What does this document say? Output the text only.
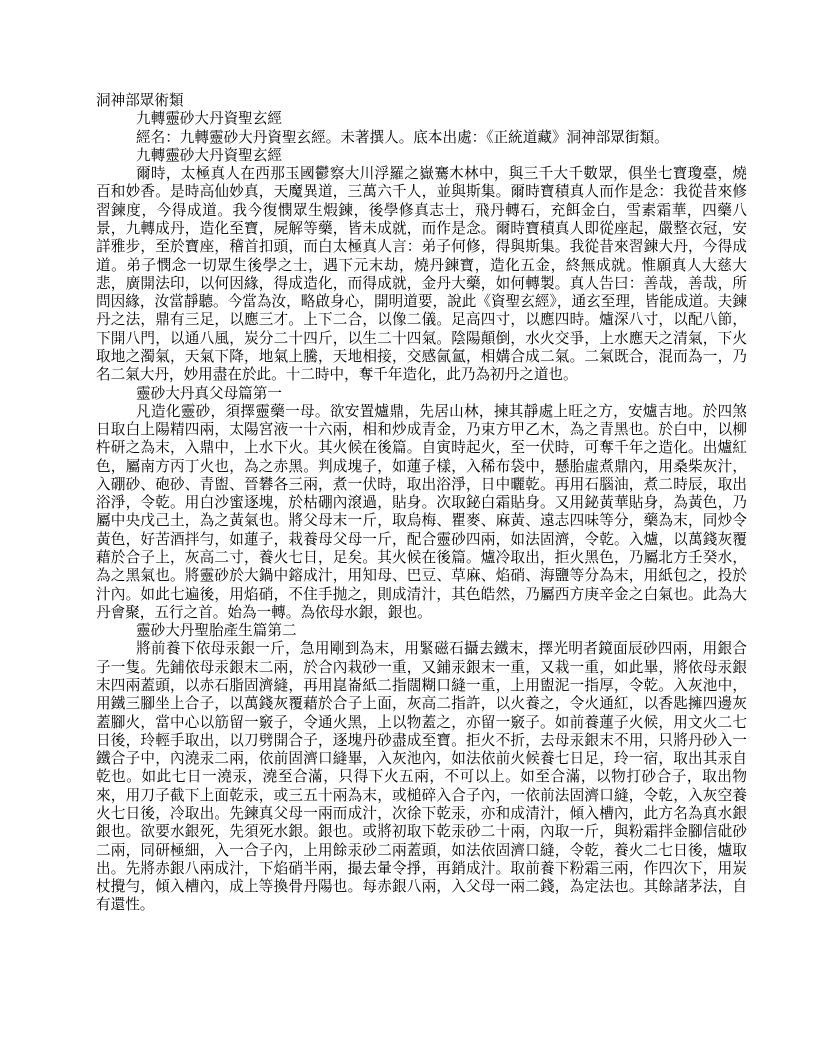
洞神部眾術類

九轉靈砂大丹資聖玄經

經名：九轉靈砂大丹資聖玄經。未著撰人。底本出處：《正統道藏》洞神部眾街類。

九轉靈砂大丹資聖玄經

爾時，太極真人在西那玉國鬱察大川浮羅之嶽騫木林中，與三千大千數眾，俱坐七寶瓊臺，燒百和妙香。是時高仙妙真，天魔異道，三萬六千人，並與斯集。爾時寶積真人而作是念：我從昔來修習鍊度，今得成道。我今復憫眾生煆鍊，後學修真志士，飛丹轉石，充餌金白，雪素霜華，四藥八景，九轉成丹，造化至寶，屍解等藥，皆未成就，而作是念。爾時寶積真人即從座起，嚴整衣冠，安詳雅步，至於寶座，稽首扣頭，而白太極真人言：弟子何修，得與斯集。我從昔來習鍊大丹，今得成道。弟子憫念一切眾生後學之士，遇下元末劫，燒丹鍊寶，造化五金，終無成就。惟願真人大慈大悲，廣開法印，以何因緣，得成造化，而得成就，金丹大藥，如何轉製。真人告曰：善哉，善哉，所問因緣，汝當靜聽。今當為汝，略啟身心，開明道要，說此《資聖玄經》，通玄至理，皆能成道。夫鍊丹之法，鼎有三足，以應三才。上下二合，以像二儀。足高四寸，以應四時。爐深八寸，以配八節，下開八門，以通八風，炭分二十四斤，以生二十四氣。陰陽顛倒，水火交爭，上水應天之清氣，下火取地之濁氣，天氣下降，地氣上騰，天地相接，交感氤氳，相媾合成二氣。二氣既合，混而為一，乃名二氣大丹，妙用盡在於此。十二時中，奪千年造化，此乃為初丹之道也。

靈砂大丹真父母篇第一

凡造化靈砂，須擇靈藥一母。欲安置爐鼎，先居山林，揀其靜處上旺之方，安爐吉地。於四煞日取白上陽精四兩，太陽宮液一十六兩，相和炒成青金，乃束方甲乙木，為之青黑也。於白中，以柳杵研之為末，入鼎中，上水下火。其火候在後篇。自寅時起火，至一伏時，可奪千年之造化。出爐紅色，屬南方丙丁火也，為之赤黑。判成塊子，如蓮子樣，入稀布袋中，懸胎虛煮鼎內，用桑柴灰汁，入硼砂、砲砂、青盥、晉礬各三兩，煮一伏時，取出浴淨，日中曬乾。再用石腦油，煮二時辰，取出浴淨，令乾。用白沙蜜逐塊，於枯硼內滾過，貼身。次取鉍白霜貼身。又用鉍黃華貼身，為黃色，乃屬中央戊己土，為之黃氣也。將父母末一斤，取烏梅、瞿麥、麻黃、遠志四味等分，藥為末，同炒令黃色，好苦酒拌勻，如蓮子，栽養母父母一斤，配合靈砂四兩，如法固濟，令乾。入爐，以萬錢灰覆藉於合子上，灰高二寸，養火七日，足矣。其火候在後篇。爐冷取出，拒火黑色，乃屬北方壬癸水，為之黑氣也。將靈砂於大鍋中鎔成汁，用知母、巴豆、草麻、焰硝、海鹽等分為末，用紙包之，投於汁內。如此七遍後，用焰硝，不住手抛之，則成清汁，其色皓然，乃屬西方庚辛金之白氣也。此為大丹會聚，五行之首。始為一轉。為依母水銀，銀也。

靈砂大丹聖胎產生篇第二

將前養下依母汞銀一斤，急用剛到為末，用緊磁石攝去鐵末，擇光明者鏡面辰砂四兩，用銀合子一隻。先鋪依母汞銀末二兩，於合內栽砂一重，又鋪汞銀末一重，又栽一重，如此畢，將依母汞銀末四兩蓋頭，以赤石脂固濟縫，再用崑崙紙二指闊糊口縫一重，上用盥泥一指厚，令乾。入灰池中，用鐵三腳坐上合子，以萬錢灰覆藉於合子上面，灰高二指許，以火養之，令火通紅，以香匙擁四邊灰蓋腳火，當中心以筋留一竅子，令通火黑，上以物蓋之，亦留一竅子。如前養蓮子火候，用文火二七日後，玲輕手取出，以刀劈開合子，逐塊丹砂盡成至寶。拒火不折，去母汞銀末不用，只將丹砂入一鐵合子中，內澆汞二兩，依前固濟口縫畢，入灰池內，如法依前火候養七日足，玲一宿，取出其汞自乾也。如此七日一澆汞，澆至合滿，只得下火五兩，不可以上。如至合滿，以物打砂合子，取出物來，用刀子截下上面乾汞，或三五十兩為末，或槌碎入合子內，一依前法固濟口縫，令乾，入灰空養火七日後，冷取出。先鍊真父母一兩而成汁，次徐下乾汞，亦和成清汁，傾入槽內，此方名為真水銀銀也。欲要水銀死，先須死水銀。銀也。或將初取下乾汞砂二十兩，內取一斤，與粉霜拌金腳信砒砂二兩，同研極細，入一合子內，上用餘汞砂二兩蓋頭，如法依固濟口縫，令乾，養火二七日後，爐取出。先將赤銀八兩成汁，下焰硝半兩，撮去暈令掙，再銷成汁。取前養下粉霜三兩，作四次下，用炭杖攪勻，傾入槽內，成上等換骨丹陽也。每赤銀八兩，入父母一兩二錢，為定法也。其餘諸茅法，自有還性。
